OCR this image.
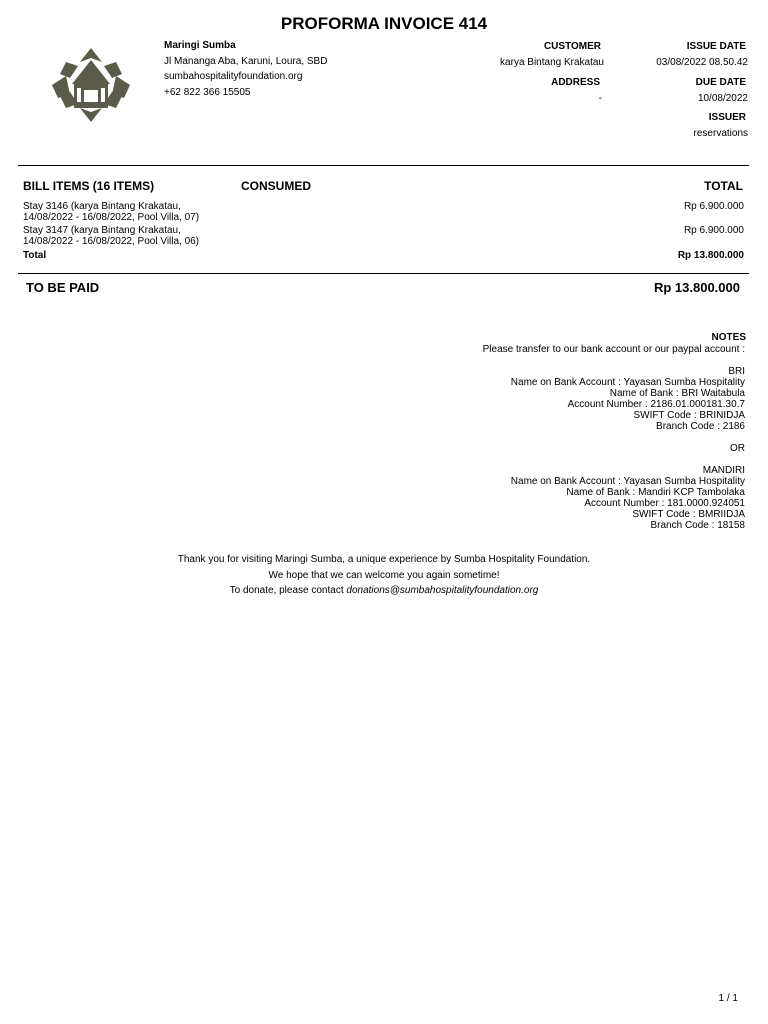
PROFORMA INVOICE 414
Maringi Sumba
Jl Mananga Aba, Karuni, Loura, SBD
sumbahospitalityfoundation.org
+62 822 366 15505
CUSTOMER
karya Bintang Krakatau
ADDRESS
-
ISSUE DATE
03/08/2022 08.50.42
DUE DATE
10/08/2022
ISSUER
reservations
BILL ITEMS (16 ITEMS)	CONSUMED	TOTAL
Stay 3146 (karya Bintang Krakatau,
14/08/2022 - 16/08/2022, Pool Villa, 07)
Rp 6.900.000
Stay 3147 (karya Bintang Krakatau,
14/08/2022 - 16/08/2022, Pool Villa, 06)
Rp 6.900.000
Total	Rp 13.800.000
TO BE PAID	Rp 13.800.000
NOTES
Please transfer to our bank account or our paypal account :

BRI
Name on Bank Account : Yayasan Sumba Hospitality
Name of Bank : BRI Waitabula
Account Number : 2186.01.000181.30.7
SWIFT Code : BRINIDJA
Branch Code : 2186

OR

MANDIRI
Name on Bank Account : Yayasan Sumba Hospitality
Name of Bank : Mandiri KCP Tambolaka
Account Number : 181.0000.924051
SWIFT Code : BMRIIDJA
Branch Code : 18158
Thank you for visiting Maringi Sumba, a unique experience by Sumba Hospitality Foundation.
We hope that we can welcome you again sometime!
To donate, please contact donations@sumbahospitalityfoundation.org
1 / 1
